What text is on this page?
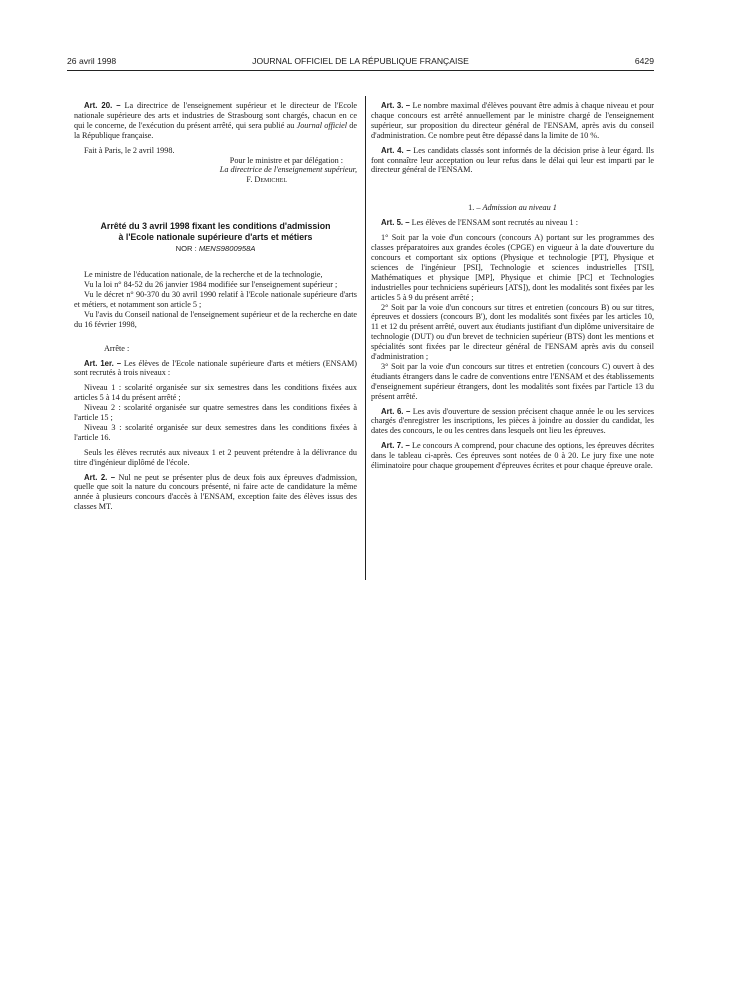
26 avril 1998	JOURNAL OFFICIEL DE LA RÉPUBLIQUE FRANÇAISE	6429

Art. 20. – La directrice de l'enseignement supérieur et le directeur de l'Ecole nationale supérieure des arts et industries de Strasbourg sont chargés, chacun en ce qui le concerne, de l'exécution du présent arrêté, qui sera publié au Journal officiel de la République française.

Fait à Paris, le 2 avril 1998.

Pour le ministre et par délégation :

La directrice de l'enseignement supérieur,

F. Demichel

Arrêté du 3 avril 1998 fixant les conditions d'admission
à l'Ecole nationale supérieure d'arts et métiers

NOR : MENS9800958A

Le ministre de l'éducation nationale, de la recherche et de la technologie,

Vu la loi n° 84-52 du 26 janvier 1984 modifiée sur l'enseignement supérieur ;

Vu le décret n° 90-370 du 30 avril 1990 relatif à l'Ecole nationale supérieure d'arts et métiers, et notamment son article 5 ;

Vu l'avis du Conseil national de l'enseignement supérieur et de la recherche en date du 16 février 1998,

Arrête :

Art. 1er. – Les élèves de l'Ecole nationale supérieure d'arts et métiers (ENSAM) sont recrutés à trois niveaux :

Niveau 1 : scolarité organisée sur six semestres dans les conditions fixées aux articles 5 à 14 du présent arrêté ;

Niveau 2 : scolarité organisée sur quatre semestres dans les conditions fixées à l'article 15 ;

Niveau 3 : scolarité organisée sur deux semestres dans les conditions fixées à l'article 16.

Seuls les élèves recrutés aux niveaux 1 et 2 peuvent prétendre à la délivrance du titre d'ingénieur diplômé de l'école.

Art. 2. – Nul ne peut se présenter plus de deux fois aux épreuves d'admission, quelle que soit la nature du concours présenté, ni faire acte de candidature la même année à plusieurs concours d'accès à l'ENSAM, exception faite des élèves issus des classes MT.

Art. 3. – Le nombre maximal d'élèves pouvant être admis à chaque niveau et pour chaque concours est arrêté annuellement par le ministre chargé de l'enseignement supérieur, sur proposition du directeur général de l'ENSAM, après avis du conseil d'administration. Ce nombre peut être dépassé dans la limite de 10 %.

Art. 4. – Les candidats classés sont informés de la décision prise à leur égard. Ils font connaître leur acceptation ou leur refus dans le délai qui leur est imparti par le directeur général de l'ENSAM.

1. – Admission au niveau 1

Art. 5. – Les élèves de l'ENSAM sont recrutés au niveau 1 :

1° Soit par la voie d'un concours (concours A) portant sur les programmes des classes préparatoires aux grandes écoles (CPGE) en vigueur à la date d'ouverture du concours et comportant six options (Physique et technologie [PT], Physique et sciences de l'ingénieur [PSI], Technologie et sciences industrielles [TSI], Mathématiques et physique [MP], Physique et chimie [PC] et Technologies industrielles pour techniciens supérieurs [ATS]), dont les modalités sont fixées par les articles 5 à 9 du présent arrêté ;

2° Soit par la voie d'un concours sur titres et entretien (concours B) ou sur titres, épreuves et dossiers (concours B'), dont les modalités sont fixées par les articles 10, 11 et 12 du présent arrêté, ouvert aux étudiants justifiant d'un diplôme universitaire de technologie (DUT) ou d'un brevet de technicien supérieur (BTS) dont les mentions et spécialités sont fixées par le directeur général de l'ENSAM après avis du conseil d'administration ;

3° Soit par la voie d'un concours sur titres et entretien (concours C) ouvert à des étudiants étrangers dans le cadre de conventions entre l'ENSAM et des établissements d'enseignement supérieur étrangers, dont les modalités sont fixées par l'article 13 du présent arrêté.

Art. 6. – Les avis d'ouverture de session précisent chaque année le ou les services chargés d'enregistrer les inscriptions, les pièces à joindre au dossier du candidat, les dates des concours, le ou les centres dans lesquels ont lieu les épreuves.

Art. 7. – Le concours A comprend, pour chacune des options, les épreuves décrites dans le tableau ci-après. Ces épreuves sont notées de 0 à 20. Le jury fixe une note éliminatoire pour chaque groupement d'épreuves écrites et pour chaque épreuve orale.
